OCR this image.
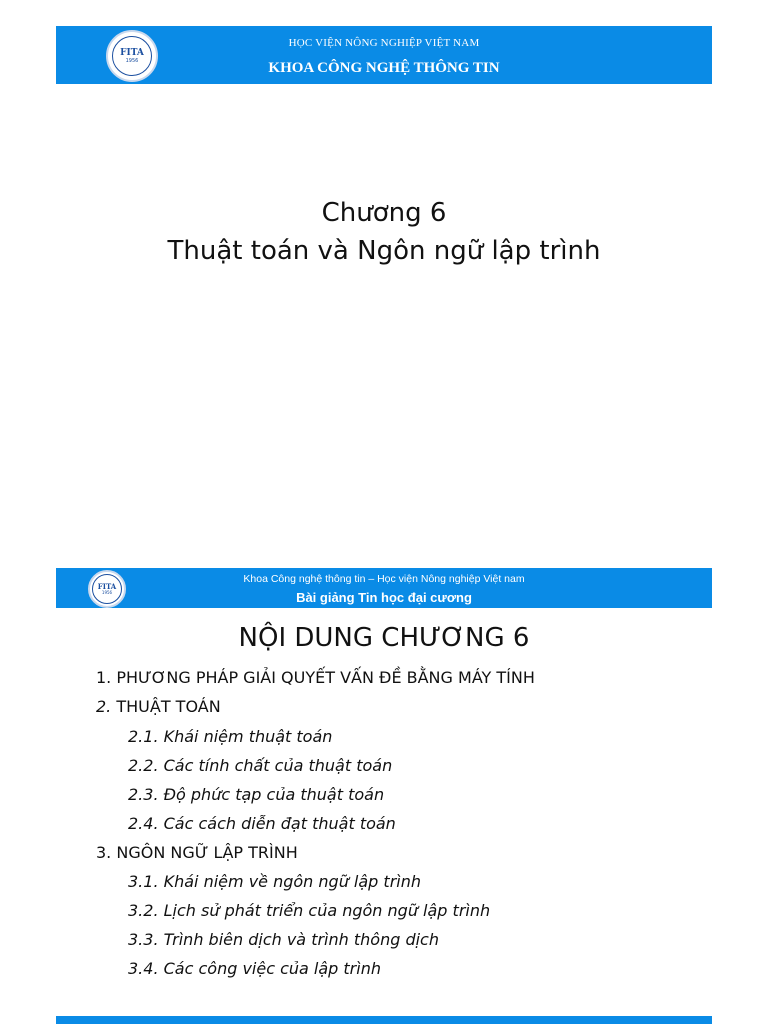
FITA
1956
HỌC VIỆN NÔNG NGHIỆP VIỆT NAM
KHOA CÔNG NGHỆ THÔNG TIN
Chương 6
Thuật toán và Ngôn ngữ lập trình
FITA
1956
Khoa Công nghệ thông tin – Học viện Nông nghiệp Việt nam
Bài giảng Tin học đại cương
NỘI DUNG CHƯƠNG 6
1. PHƯƠNG PHÁP GIẢI QUYẾT VẤN ĐỀ BẰNG MÁY TÍNH
2. THUẬT TOÁN
2.1. Khái niệm thuật toán
2.2. Các tính chất của thuật toán
2.3. Độ phức tạp của thuật toán
2.4. Các cách diễn đạt thuật toán
3. NGÔN NGỮ LẬP TRÌNH
3.1. Khái niệm về ngôn ngữ lập trình
3.2. Lịch sử phát triển của ngôn ngữ lập trình
3.3. Trình biên dịch và trình thông dịch
3.4. Các công việc của lập trình
